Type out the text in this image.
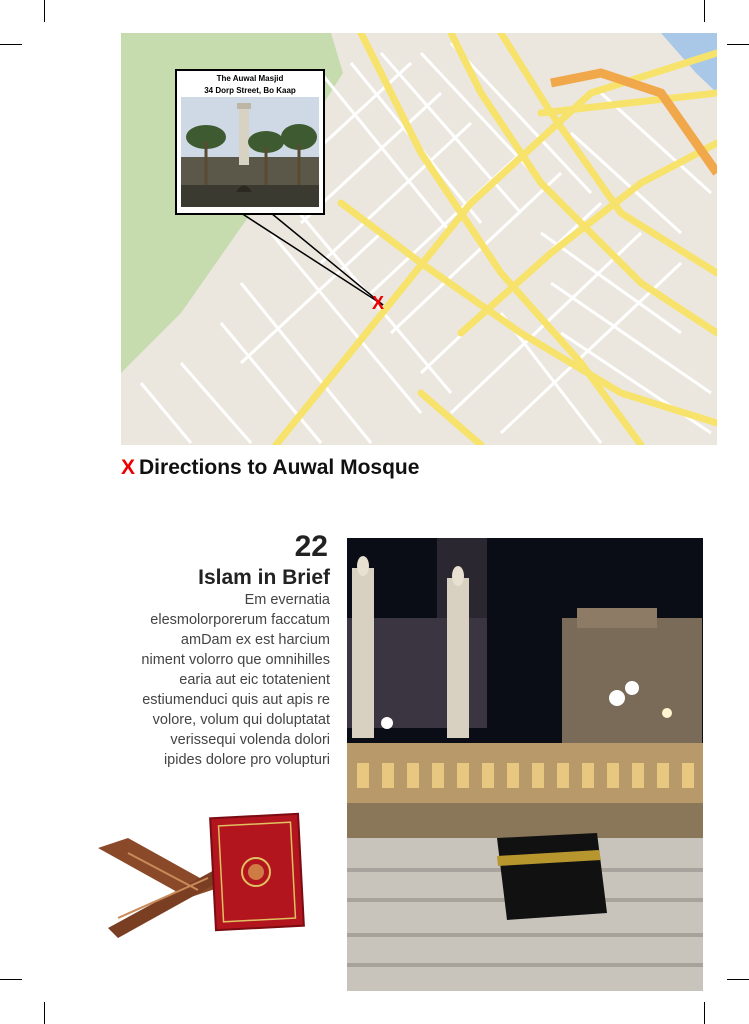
The Auwal Masjid
34 Dorp Street, Bo Kaap
X
X Directions to Auwal Mosque
22
Islam in Brief

Em evernatia

elesmolorporerum faccatum

amDam ex est harcium

niment volorro que omnihilles

earia aut eic totatenient

estiumenduci quis aut apis re

volore, volum qui doluptatat

verissequi volenda dolori

ipides dolore pro volupturi
